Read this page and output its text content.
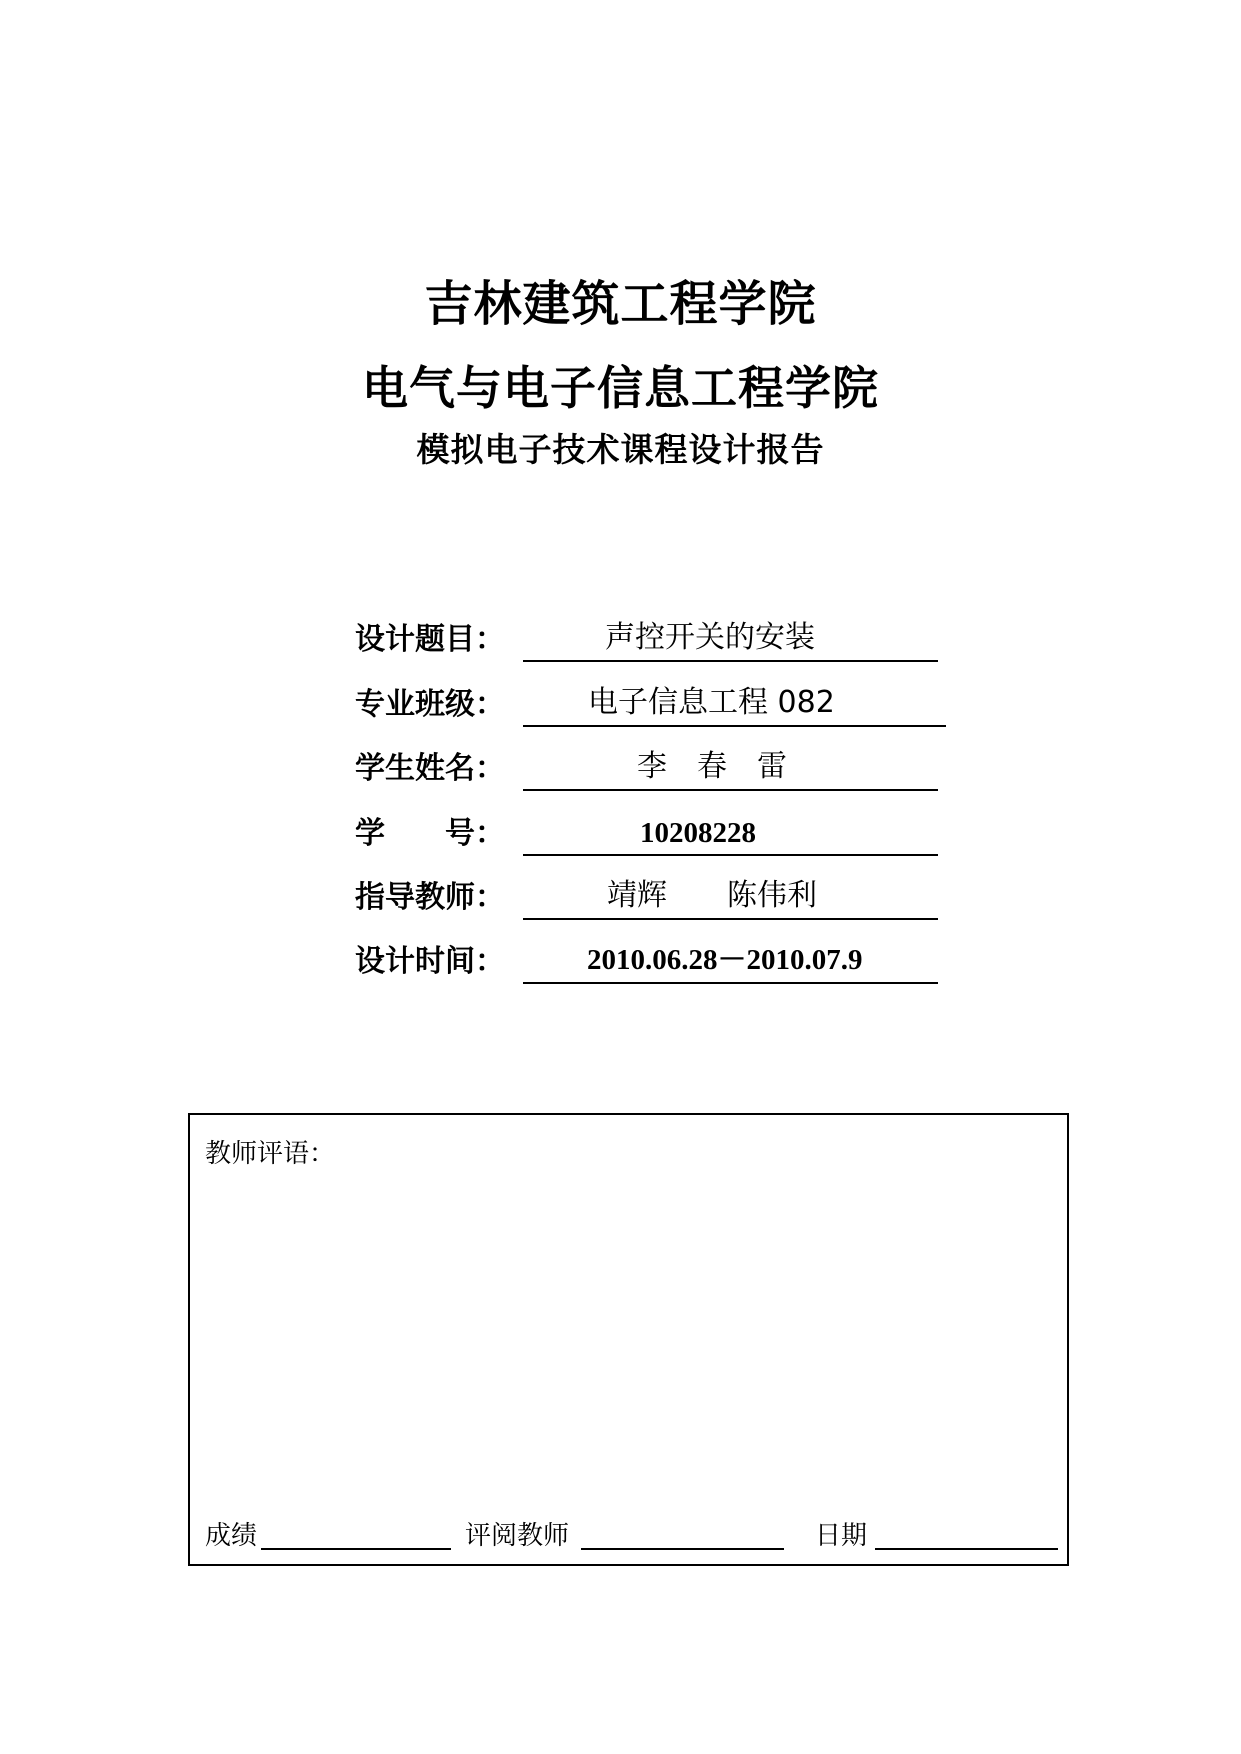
吉林建筑工程学院
电气与电子信息工程学院
模拟电子技术课程设计报告
设计题目：	声控开关的安装
专业班级：	电子信息工程 082
学生姓名：	李　春　雷
学　　号：	10208228
指导教师：	靖辉　　陈伟利
设计时间：	2010.06.28－2010.07.9
教师评语：
成绩	评阅教师	日期
